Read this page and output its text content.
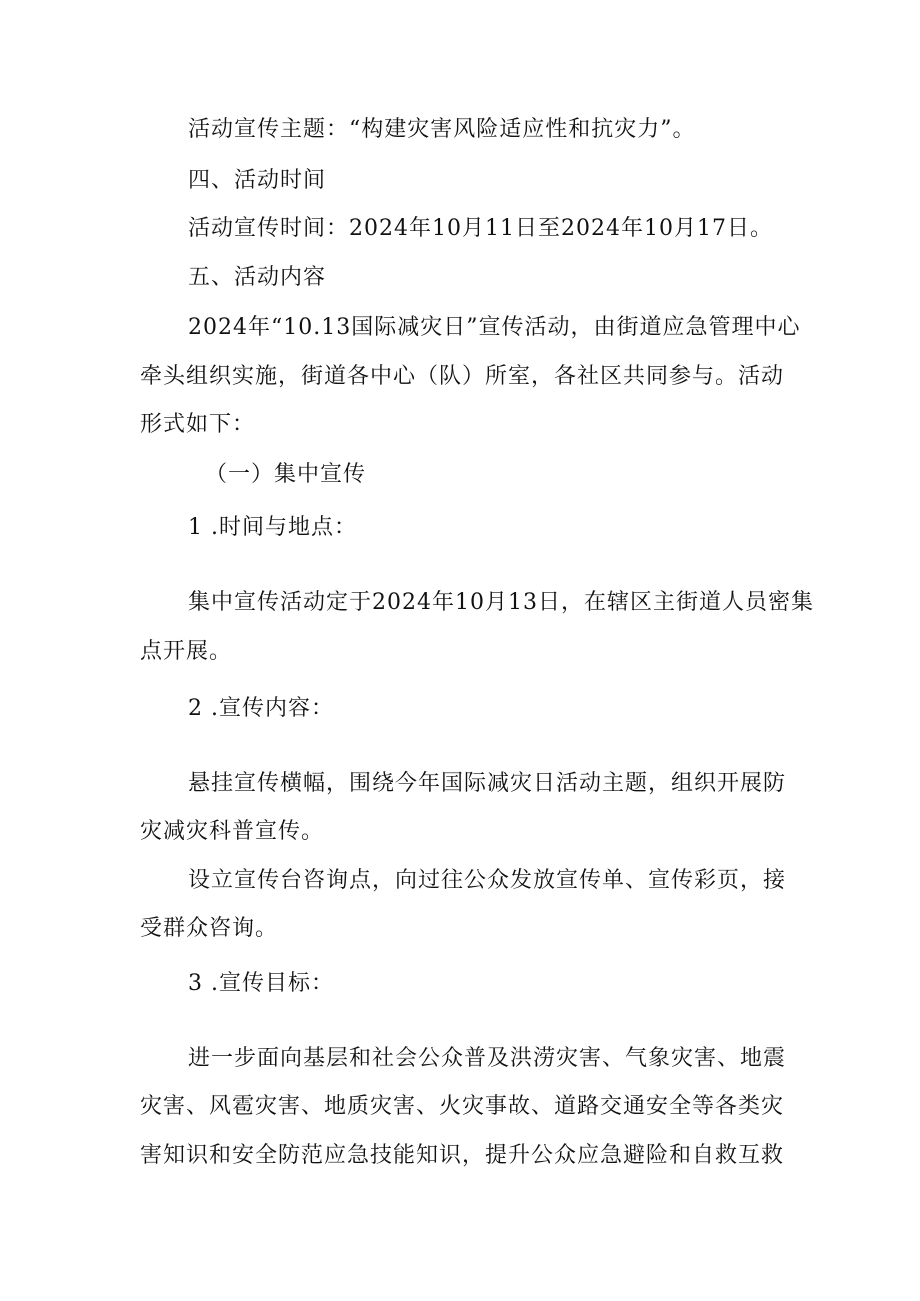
活动宣传主题：“构建灾害风险适应性和抗灾力”。
四、活动时间
活动宣传时间：2024年10月11日至2024年10月17日。
五、活动内容
2024年“10.13国际减灾日”宣传活动，由街道应急管理中心
牵头组织实施，街道各中心（队）所室，各社区共同参与。活动
形式如下：
（一）集中宣传
1 .时间与地点：
集中宣传活动定于2024年10月13日，在辖区主街道人员密集
点开展。
2 .宣传内容：
悬挂宣传横幅，围绕今年国际减灾日活动主题，组织开展防
灾减灾科普宣传。
设立宣传台咨询点，向过往公众发放宣传单、宣传彩页，接
受群众咨询。
3 .宣传目标：
进一步面向基层和社会公众普及洪涝灾害、气象灾害、地震
灾害、风雹灾害、地质灾害、火灾事故、道路交通安全等各类灾
害知识和安全防范应急技能知识，提升公众应急避险和自救互救
